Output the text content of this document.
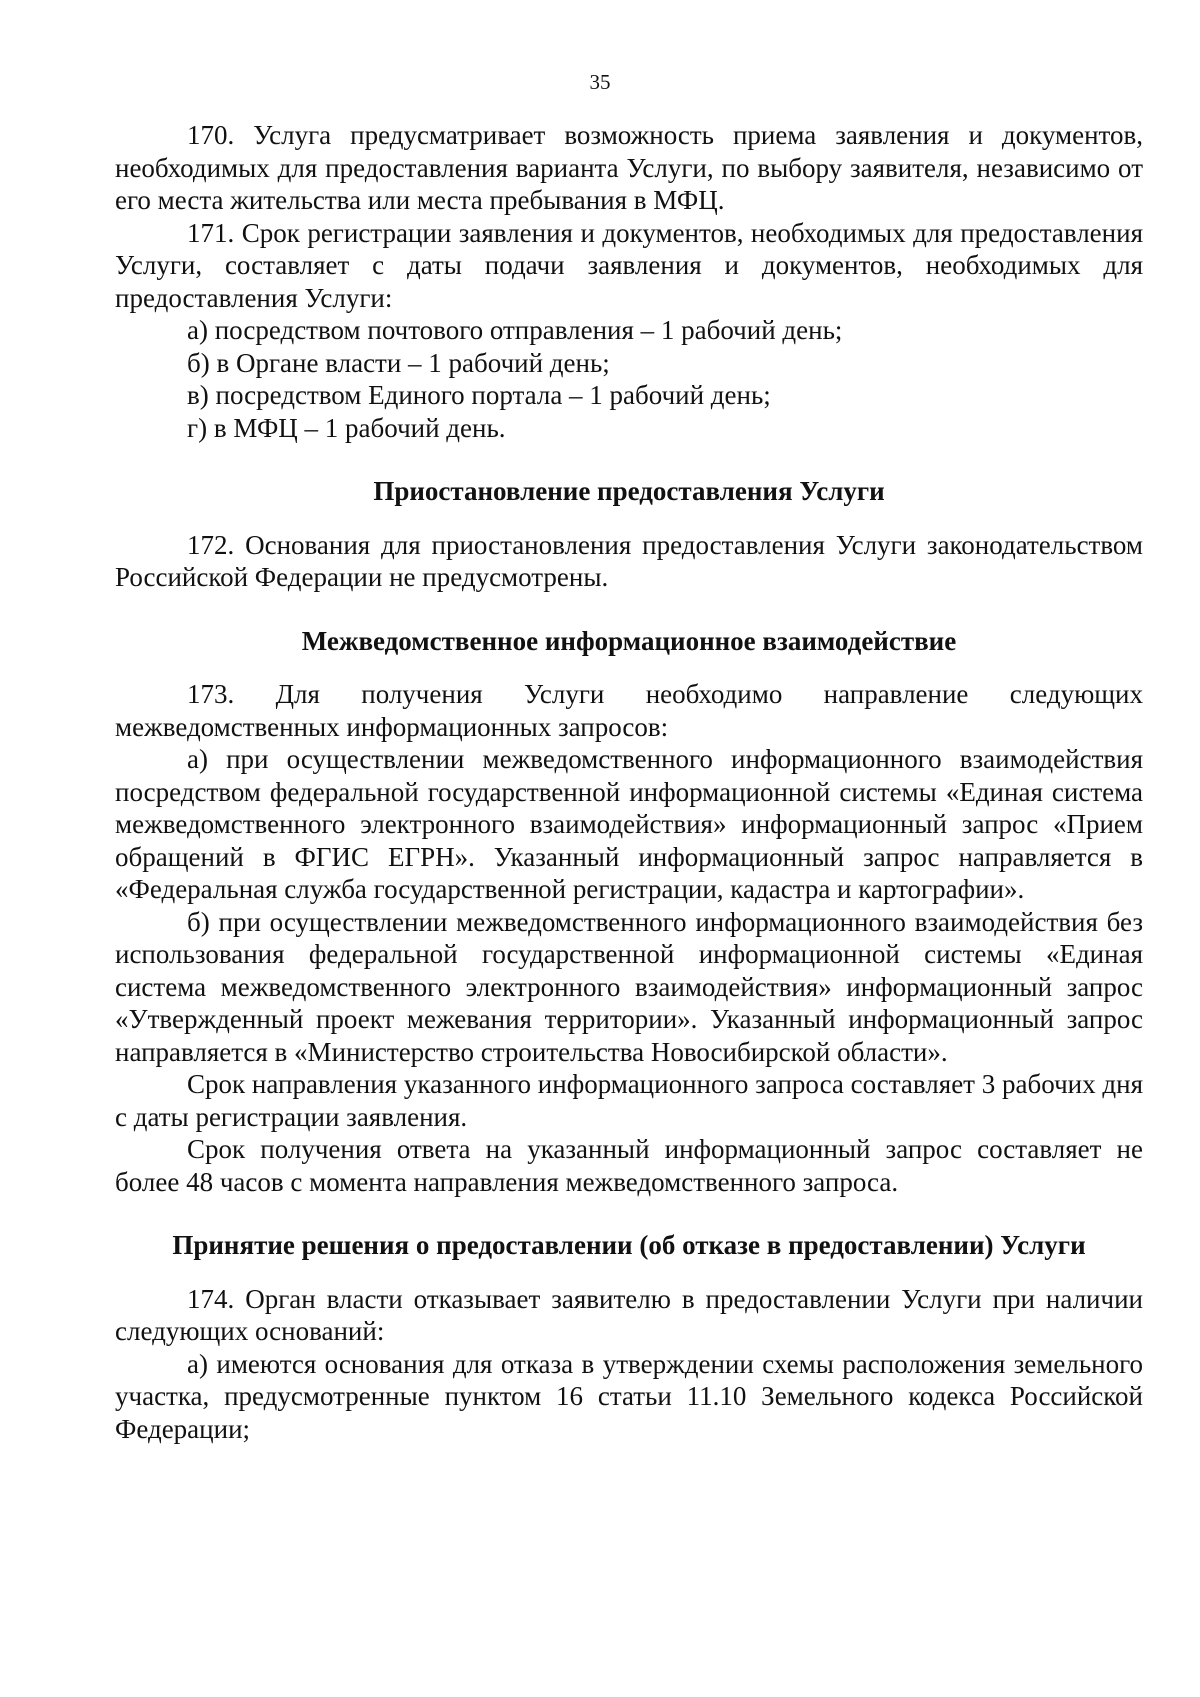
35

170. Услуга предусматривает возможность приема заявления и документов, необходимых для предоставления варианта Услуги, по выбору заявителя, независимо от его места жительства или места пребывания в МФЦ.

171. Срок регистрации заявления и документов, необходимых для предоставления Услуги, составляет с даты подачи заявления и документов, необходимых для предоставления Услуги:

а) посредством почтового отправления – 1 рабочий день;
б) в Органе власти – 1 рабочий день;
в) посредством Единого портала – 1 рабочий день;
г) в МФЦ – 1 рабочий день.
Приостановление предоставления Услуги

172. Основания для приостановления предоставления Услуги законодательством Российской Федерации не предусмотрены.

Межведомственное информационное взаимодействие

173. Для получения Услуги необходимо направление следующих межведомственных информационных запросов:

а) при осуществлении межведомственного информационного взаимодействия посредством федеральной государственной информационной системы «Единая система межведомственного электронного взаимодействия» информационный запрос «Прием обращений в ФГИС ЕГРН». Указанный информационный запрос направляется в «Федеральная служба государственной регистрации, кадастра и картографии».

б) при осуществлении межведомственного информационного взаимодействия без использования федеральной государственной информационной системы «Единая система межведомственного электронного взаимодействия» информационный запрос «Утвержденный проект межевания территории». Указанный информационный запрос направляется в «Министерство строительства Новосибирской области».

Срок направления указанного информационного запроса составляет 3 рабочих дня с даты регистрации заявления.

Срок получения ответа на указанный информационный запрос составляет не более 48 часов с момента направления межведомственного запроса.

Принятие решения о предоставлении (об отказе в предоставлении) Услуги

174. Орган власти отказывает заявителю в предоставлении Услуги при наличии следующих оснований:

а) имеются основания для отказа в утверждении схемы расположения земельного участка, предусмотренные пунктом 16 статьи 11.10 Земельного кодекса Российской Федерации;
